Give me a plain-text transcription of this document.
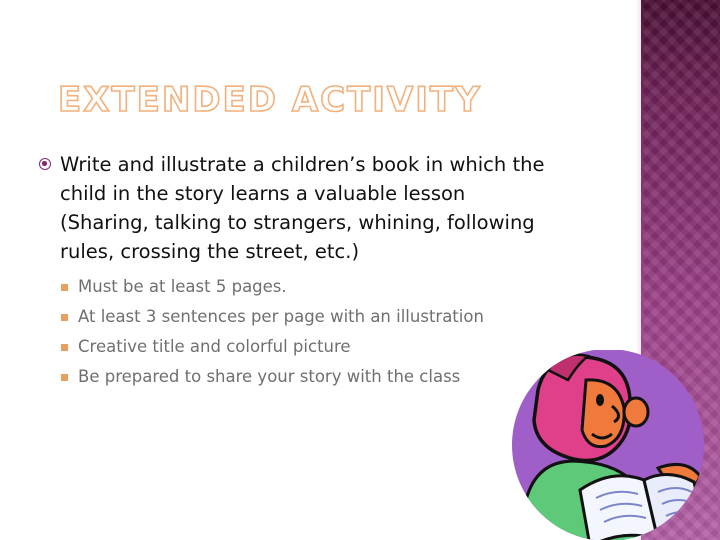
EXTENDED ACTIVITY
Write and illustrate a children’s book in which the child in the story learns a valuable lesson (Sharing, talking to strangers, whining, following rules, crossing the street, etc.)
Must be at least 5 pages.
At least 3 sentences per page with an illustration
Creative title and colorful picture
Be prepared to share your story with the class
